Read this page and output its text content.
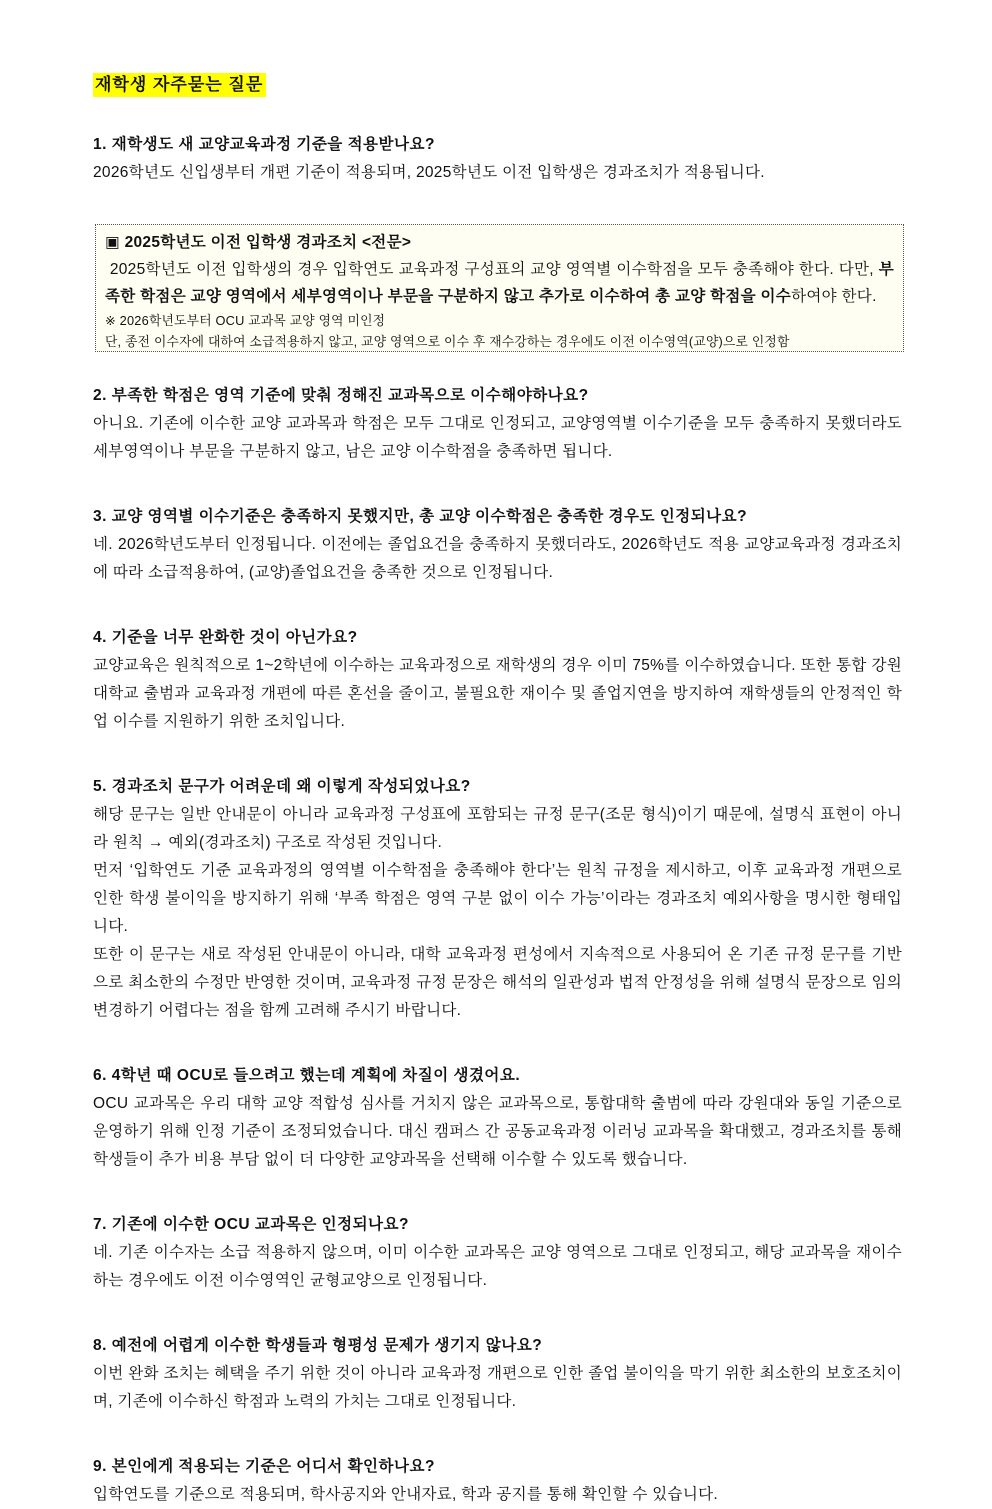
재학생 자주묻는 질문

1. 재학생도 새 교양교육과정 기준을 적용받나요?

2026학년도 신입생부터 개편 기준이 적용되며, 2025학년도 이전 입학생은 경과조치가 적용됩니다.

▣ 2025학년도 이전 입학생 경과조치 <전문>

2025학년도 이전 입학생의 경우 입학연도 교육과정 구성표의 교양 영역별 이수학점을 모두 충족해야 한다. 다만, 부족한 학점은 교양 영역에서 세부영역이나 부문을 구분하지 않고 추가로 이수하여 총 교양 학점을 이수하여야 한다.

※ 2026학년도부터 OCU 교과목 교양 영역 미인정

단, 종전 이수자에 대하여 소급적용하지 않고, 교양 영역으로 이수 후 재수강하는 경우에도 이전 이수영역(교양)으로 인정함

2. 부족한 학점은 영역 기준에 맞춰 정해진 교과목으로 이수해야하나요?

아니요. 기존에 이수한 교양 교과목과 학점은 모두 그대로 인정되고, 교양영역별 이수기준을 모두 충족하지 못했더라도 세부영역이나 부문을 구분하지 않고, 남은 교양 이수학점을 충족하면 됩니다.

3. 교양 영역별 이수기준은 충족하지 못했지만, 총 교양 이수학점은 충족한 경우도 인정되나요?

네. 2026학년도부터 인정됩니다. 이전에는 졸업요건을 충족하지 못했더라도, 2026학년도 적용 교양교육과정 경과조치에 따라 소급적용하여, (교양)졸업요건을 충족한 것으로 인정됩니다.

4. 기준을 너무 완화한 것이 아닌가요?

교양교육은 원칙적으로 1~2학년에 이수하는 교육과정으로 재학생의 경우 이미 75%를 이수하였습니다. 또한 통합 강원대학교 출범과 교육과정 개편에 따른 혼선을 줄이고, 불필요한 재이수 및 졸업지연을 방지하여 재학생들의 안정적인 학업 이수를 지원하기 위한 조치입니다.

5. 경과조치 문구가 어려운데 왜 이렇게 작성되었나요?

해당 문구는 일반 안내문이 아니라 교육과정 구성표에 포함되는 규정 문구(조문 형식)이기 때문에, 설명식 표현이 아니라 원칙 → 예외(경과조치) 구조로 작성된 것입니다.

먼저 ‘입학연도 기준 교육과정의 영역별 이수학점을 충족해야 한다’는 원칙 규정을 제시하고, 이후 교육과정 개편으로 인한 학생 불이익을 방지하기 위해 ‘부족 학점은 영역 구분 없이 이수 가능’이라는 경과조치 예외사항을 명시한 형태입니다.

또한 이 문구는 새로 작성된 안내문이 아니라, 대학 교육과정 편성에서 지속적으로 사용되어 온 기존 규정 문구를 기반으로 최소한의 수정만 반영한 것이며, 교육과정 규정 문장은 해석의 일관성과 법적 안정성을 위해 설명식 문장으로 임의 변경하기 어렵다는 점을 함께 고려해 주시기 바랍니다.

6. 4학년 때 OCU로 들으려고 했는데 계획에 차질이 생겼어요.

OCU 교과목은 우리 대학 교양 적합성 심사를 거치지 않은 교과목으로, 통합대학 출범에 따라 강원대와 동일 기준으로 운영하기 위해 인정 기준이 조정되었습니다. 대신 캠퍼스 간 공동교육과정 이러닝 교과목을 확대했고, 경과조치를 통해 학생들이 추가 비용 부담 없이 더 다양한 교양과목을 선택해 이수할 수 있도록 했습니다.

7. 기존에 이수한 OCU 교과목은 인정되나요?

네. 기존 이수자는 소급 적용하지 않으며, 이미 이수한 교과목은 교양 영역으로 그대로 인정되고, 해당 교과목을 재이수하는 경우에도 이전 이수영역인 균형교양으로 인정됩니다.

8. 예전에 어렵게 이수한 학생들과 형평성 문제가 생기지 않나요?

이번 완화 조치는 혜택을 주기 위한 것이 아니라 교육과정 개편으로 인한 졸업 불이익을 막기 위한 최소한의 보호조치이며, 기존에 이수하신 학점과 노력의 가치는 그대로 인정됩니다.

9. 본인에게 적용되는 기준은 어디서 확인하나요?

입학연도를 기준으로 적용되며, 학사공지와 안내자료, 학과 공지를 통해 확인할 수 있습니다.
